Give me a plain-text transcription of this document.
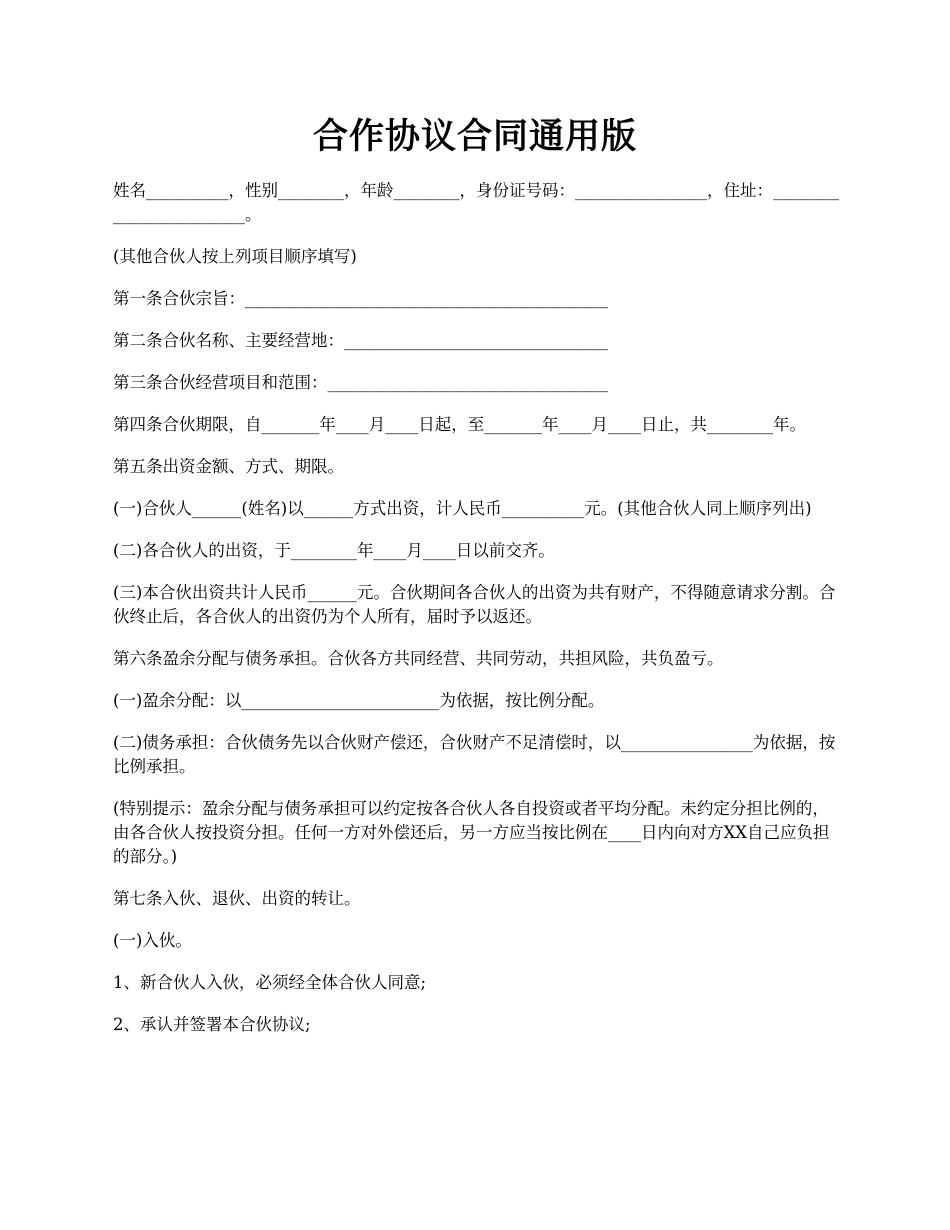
合作协议合同通用版

姓名__________，性别________，年龄________，身份证号码：________________，住址：________________________。

(其他合伙人按上列项目顺序填写)

第一条合伙宗旨：____________________________________________

第二条合伙名称、主要经营地：________________________________

第三条合伙经营项目和范围：__________________________________

第四条合伙期限，自_______年____月____日起，至_______年____月____日止，共________年。

第五条出资金额、方式、期限。

(一)合伙人______(姓名)以______方式出资，计人民币__________元。(其他合伙人同上顺序列出)

(二)各合伙人的出资，于________年____月____日以前交齐。

(三)本合伙出资共计人民币______元。合伙期间各合伙人的出资为共有财产，不得随意请求分割。合伙终止后，各合伙人的出资仍为个人所有，届时予以返还。

第六条盈余分配与债务承担。合伙各方共同经营、共同劳动，共担风险，共负盈亏。

(一)盈余分配：以________________________为依据，按比例分配。

(二)债务承担：合伙债务先以合伙财产偿还，合伙财产不足清偿时，以________________为依据，按比例承担。

(特别提示：盈余分配与债务承担可以约定按各合伙人各自投资或者平均分配。未约定分担比例的，由各合伙人按投资分担。任何一方对外偿还后，另一方应当按比例在____日内向对方XX自己应负担的部分。)

第七条入伙、退伙、出资的转让。

(一)入伙。

1、新合伙人入伙，必须经全体合伙人同意;

2、承认并签署本合伙协议;
